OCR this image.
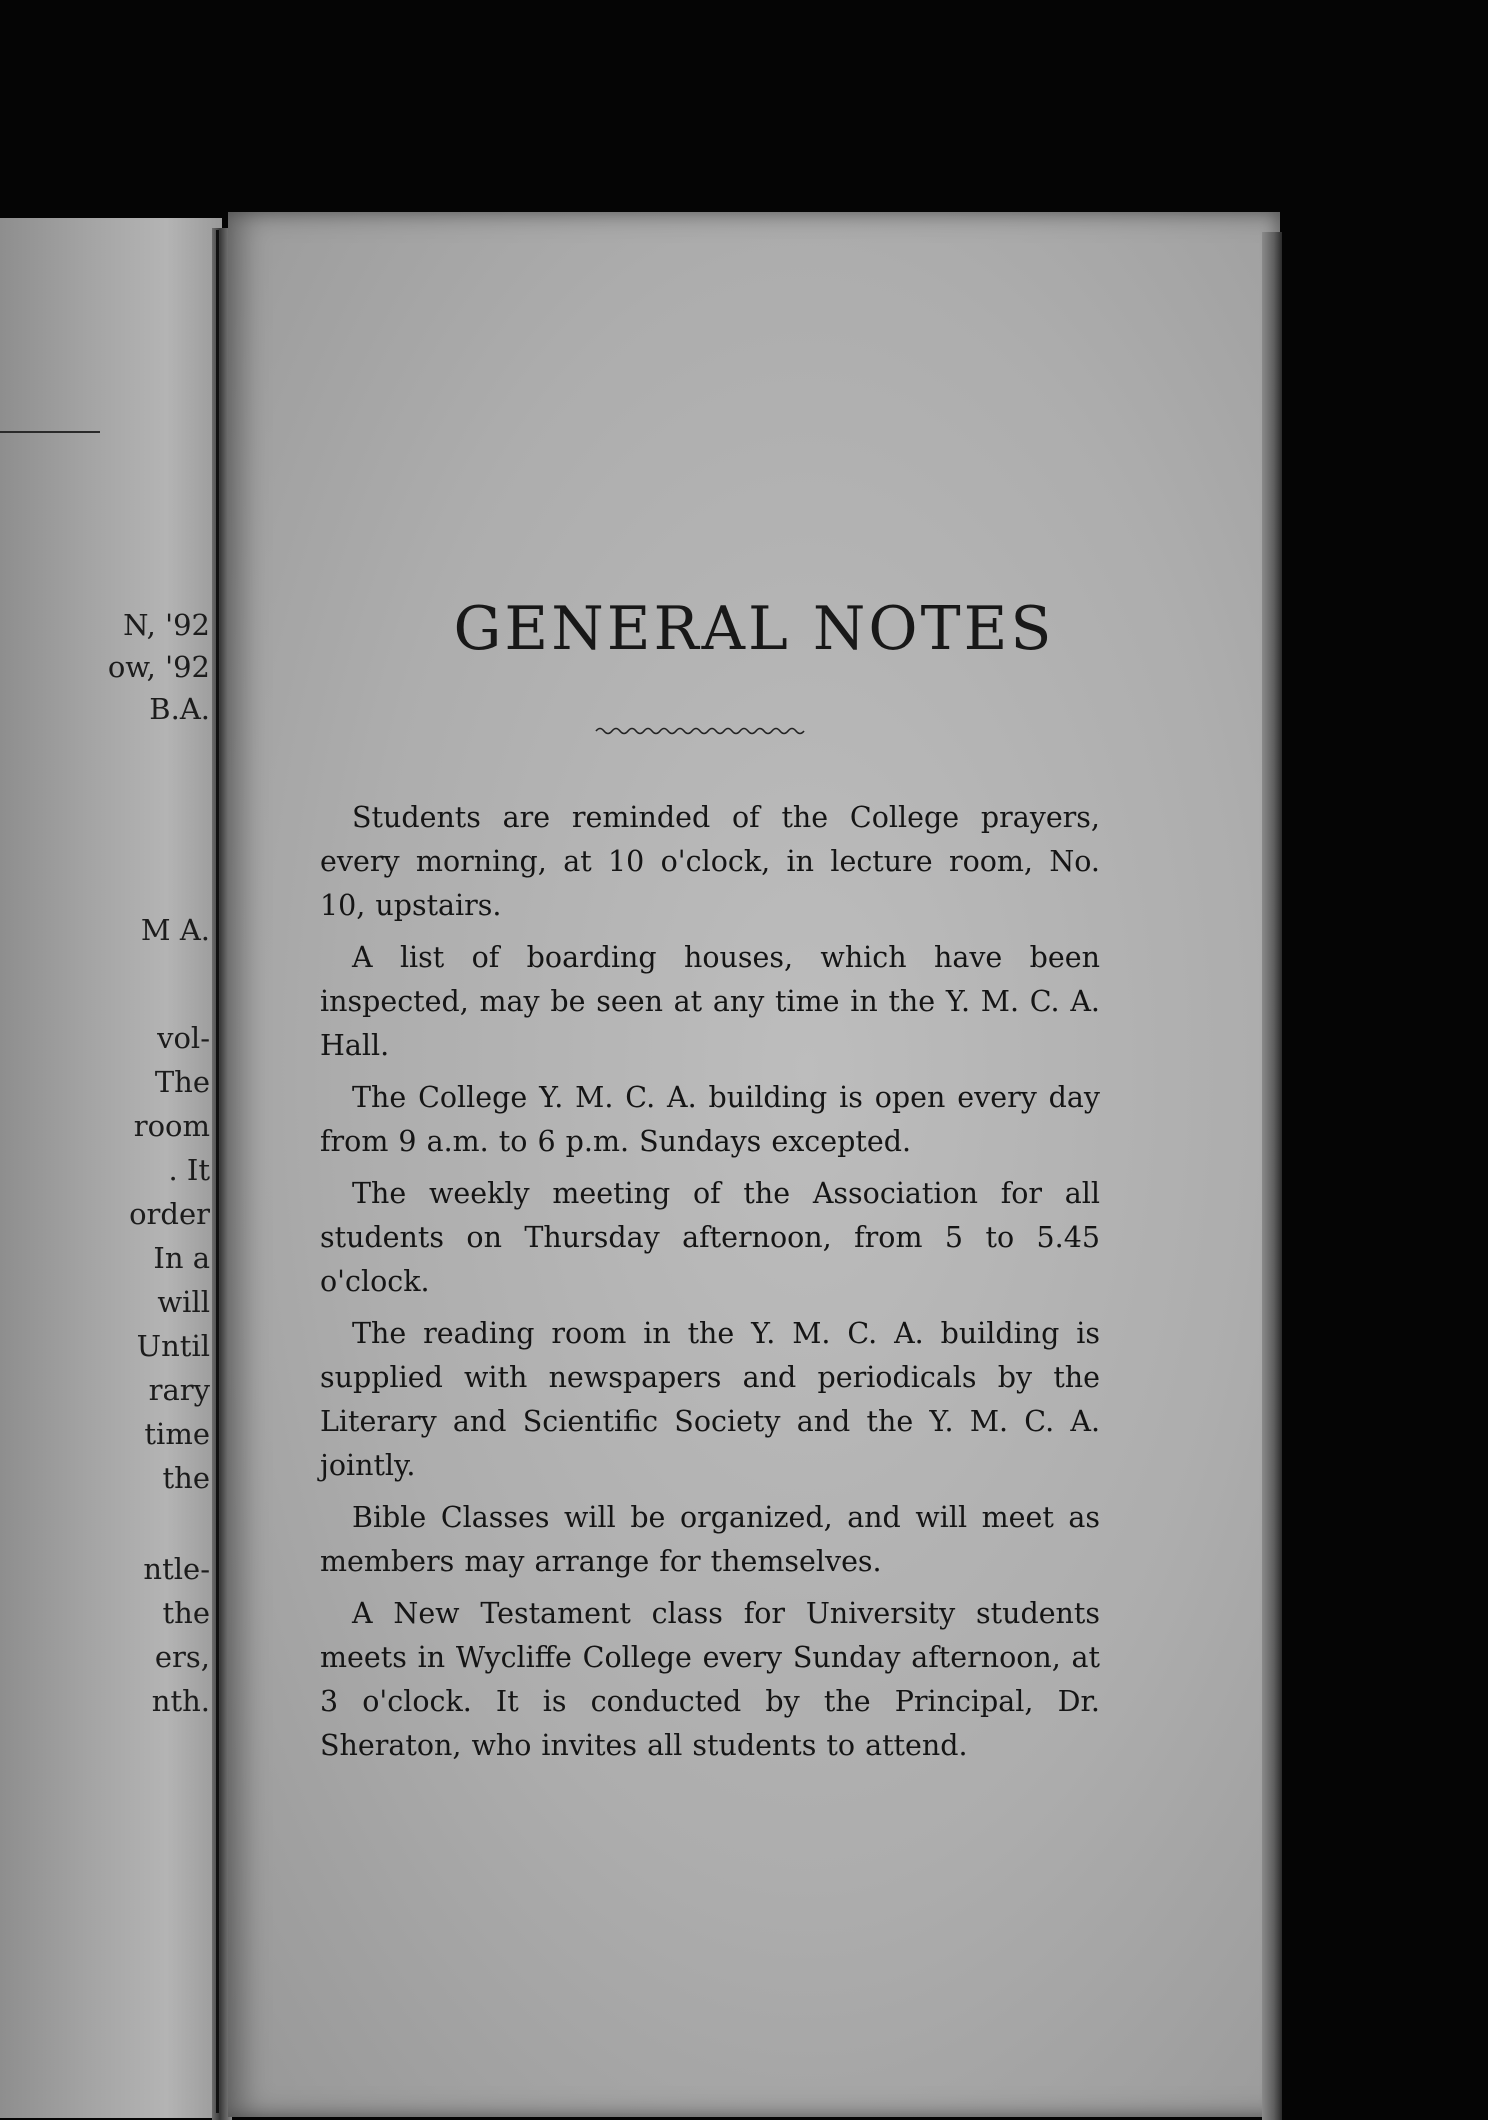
N, '92
ow, '92
B.A.
M A.
vol-
The
room
. It
order
In a
will
Until
rary
time
the
ntle-
the
ers,
nth.
GENERAL NOTES

Students are reminded of the College prayers, every morning, at 10 o'clock, in lecture room, No. 10, upstairs.

A list of boarding houses, which have been inspected, may be seen at any time in the Y. M. C. A. Hall.

The College Y. M. C. A. building is open every day from 9 a.m. to 6 p.m. Sundays excepted.

The weekly meeting of the Association for all students on Thursday afternoon, from 5 to 5.45 o'clock.

The reading room in the Y. M. C. A. building is supplied with newspapers and periodicals by the Literary and Scientific Society and the Y. M. C. A. jointly.

Bible Classes will be organized, and will meet as members may arrange for themselves.

A New Testament class for University students meets in Wycliffe College every Sunday afternoon, at 3 o'clock. It is conducted by the Principal, Dr. Sheraton, who invites all students to attend.
